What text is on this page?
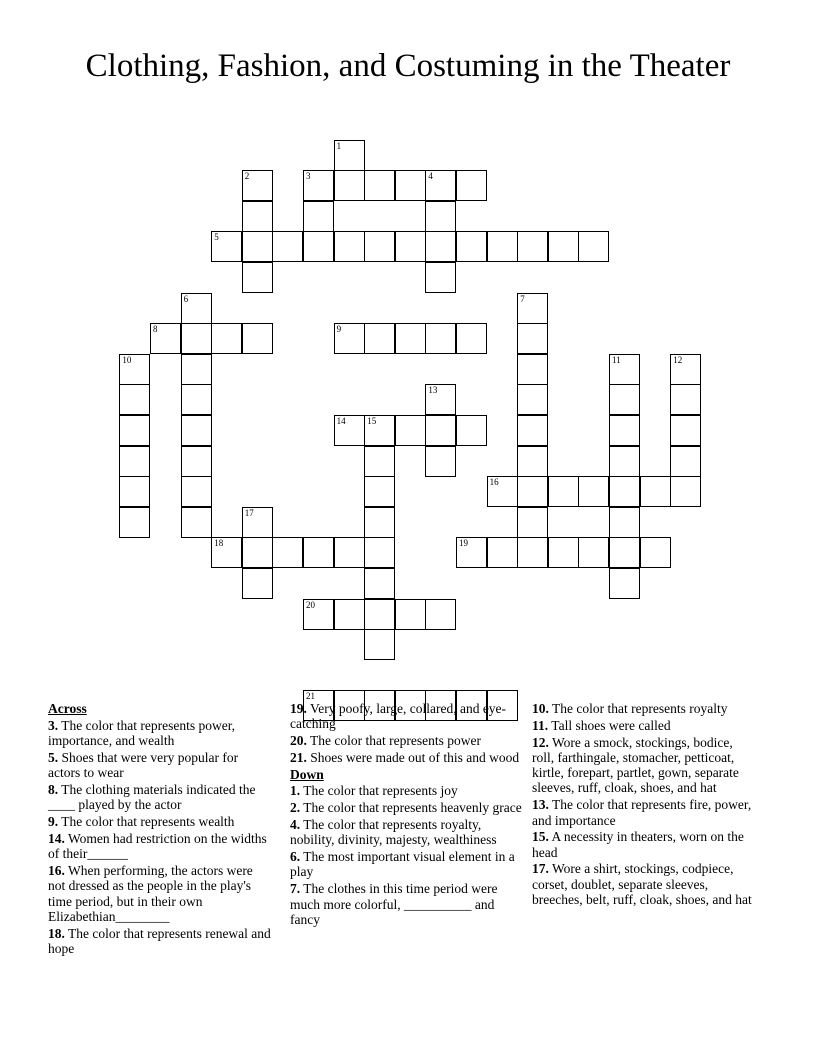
Clothing, Fashion, and Costuming in the Theater
1
2	3	4
5
6	7
8	9
10	11	12
13
14 15
16
17
18	19
20
21

Across

3. The color that represents power, importance, and wealth

5. Shoes that were very popular for actors to wear

8. The clothing materials indicated the ____ played by the actor

9. The color that represents wealth

14. Women had restriction on the widths of their______

16. When performing, the actors were not dressed as the people in the play's time period, but in their own Elizabethian________

18. The color that represents renewal and hope

19. Very poofy, large, collared, and eye-catching

20. The color that represents power

21. Shoes were made out of this and wood

Down

1. The color that represents joy

2. The color that represents heavenly grace

4. The color that represents royalty, nobility, divinity, majesty, wealthiness

6. The most important visual element in a play

7. The clothes in this time period were much more colorful, __________ and fancy

10. The color that represents royalty

11. Tall shoes were called

12. Wore a smock, stockings, bodice, roll, farthingale, stomacher, petticoat, kirtle, forepart, partlet, gown, separate sleeves, ruff, cloak, shoes, and hat

13. The color that represents fire, power, and importance

15. A necessity in theaters, worn on the head

17. Wore a shirt, stockings, codpiece, corset, doublet, separate sleeves, breeches, belt, ruff, cloak, shoes, and hat
